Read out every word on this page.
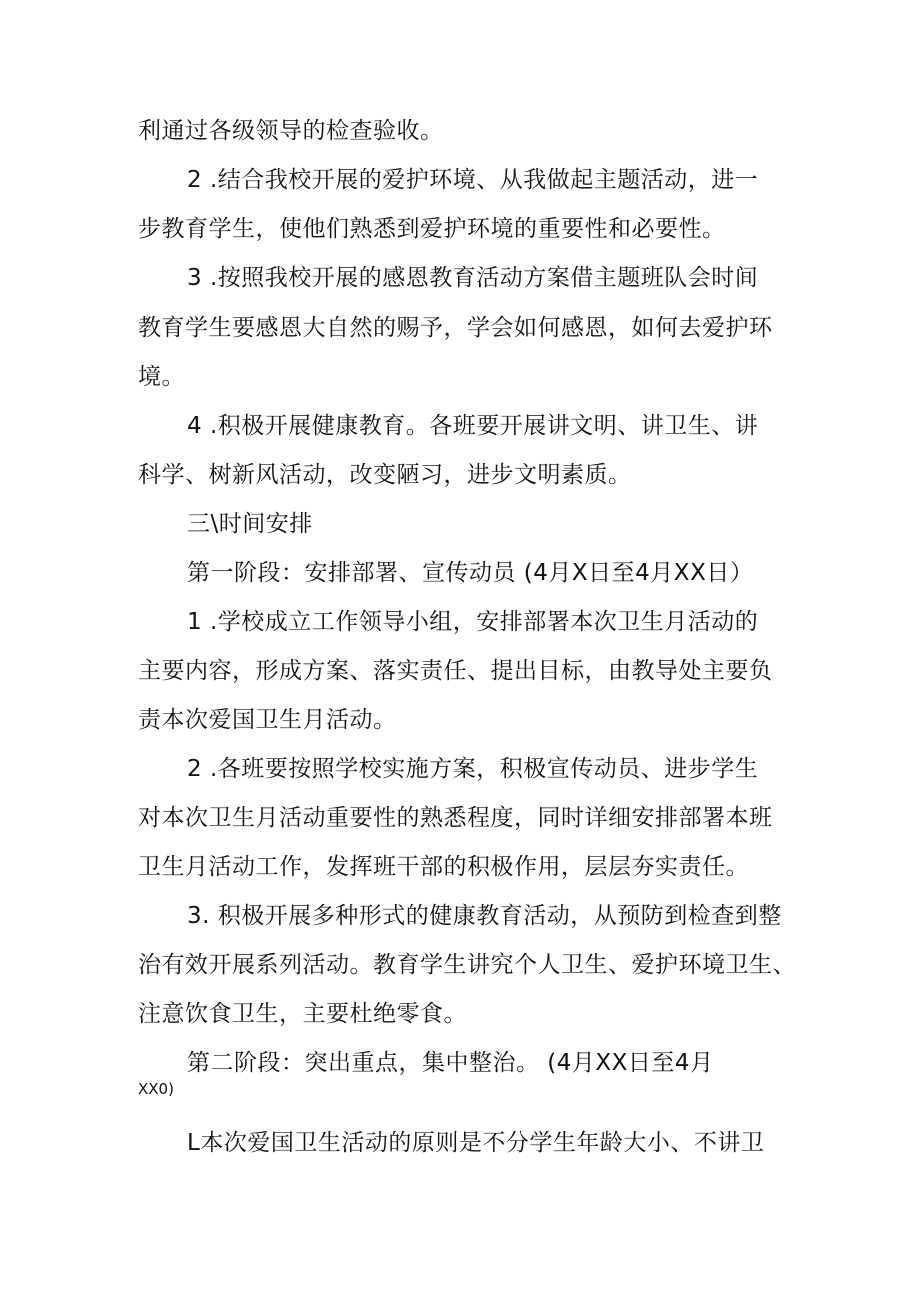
利通过各级领导的检查验收。
2 .结合我校开展的爱护环境、从我做起主题活动，进一
步教育学生，使他们熟悉到爱护环境的重要性和必要性。
3 .按照我校开展的感恩教育活动方案借主题班队会时间
教育学生要感恩大自然的赐予，学会如何感恩，如何去爱护环
境。
4 .积极开展健康教育。各班要开展讲文明、讲卫生、讲
科学、树新风活动，改变陋习，进步文明素质。
三\时间安排
第一阶段：安排部署、宣传动员 (4月X日至4月XX日）
1 .学校成立工作领导小组，安排部署本次卫生月活动的
主要内容，形成方案、落实责任、提出目标，由教导处主要负
责本次爱国卫生月活动。
2 .各班要按照学校实施方案，积极宣传动员、进步学生
对本次卫生月活动重要性的熟悉程度，同时详细安排部署本班
卫生月活动工作，发挥班干部的积极作用，层层夯实责任。
3. 积极开展多种形式的健康教育活动，从预防到检查到整
治有效开展系列活动。教育学生讲究个人卫生、爱护环境卫生、
注意饮食卫生，主要杜绝零食。
第二阶段：突出重点，集中整治。 (4月XX日至4月
XX0)
L本次爱国卫生活动的原则是不分学生年龄大小、不讲卫
